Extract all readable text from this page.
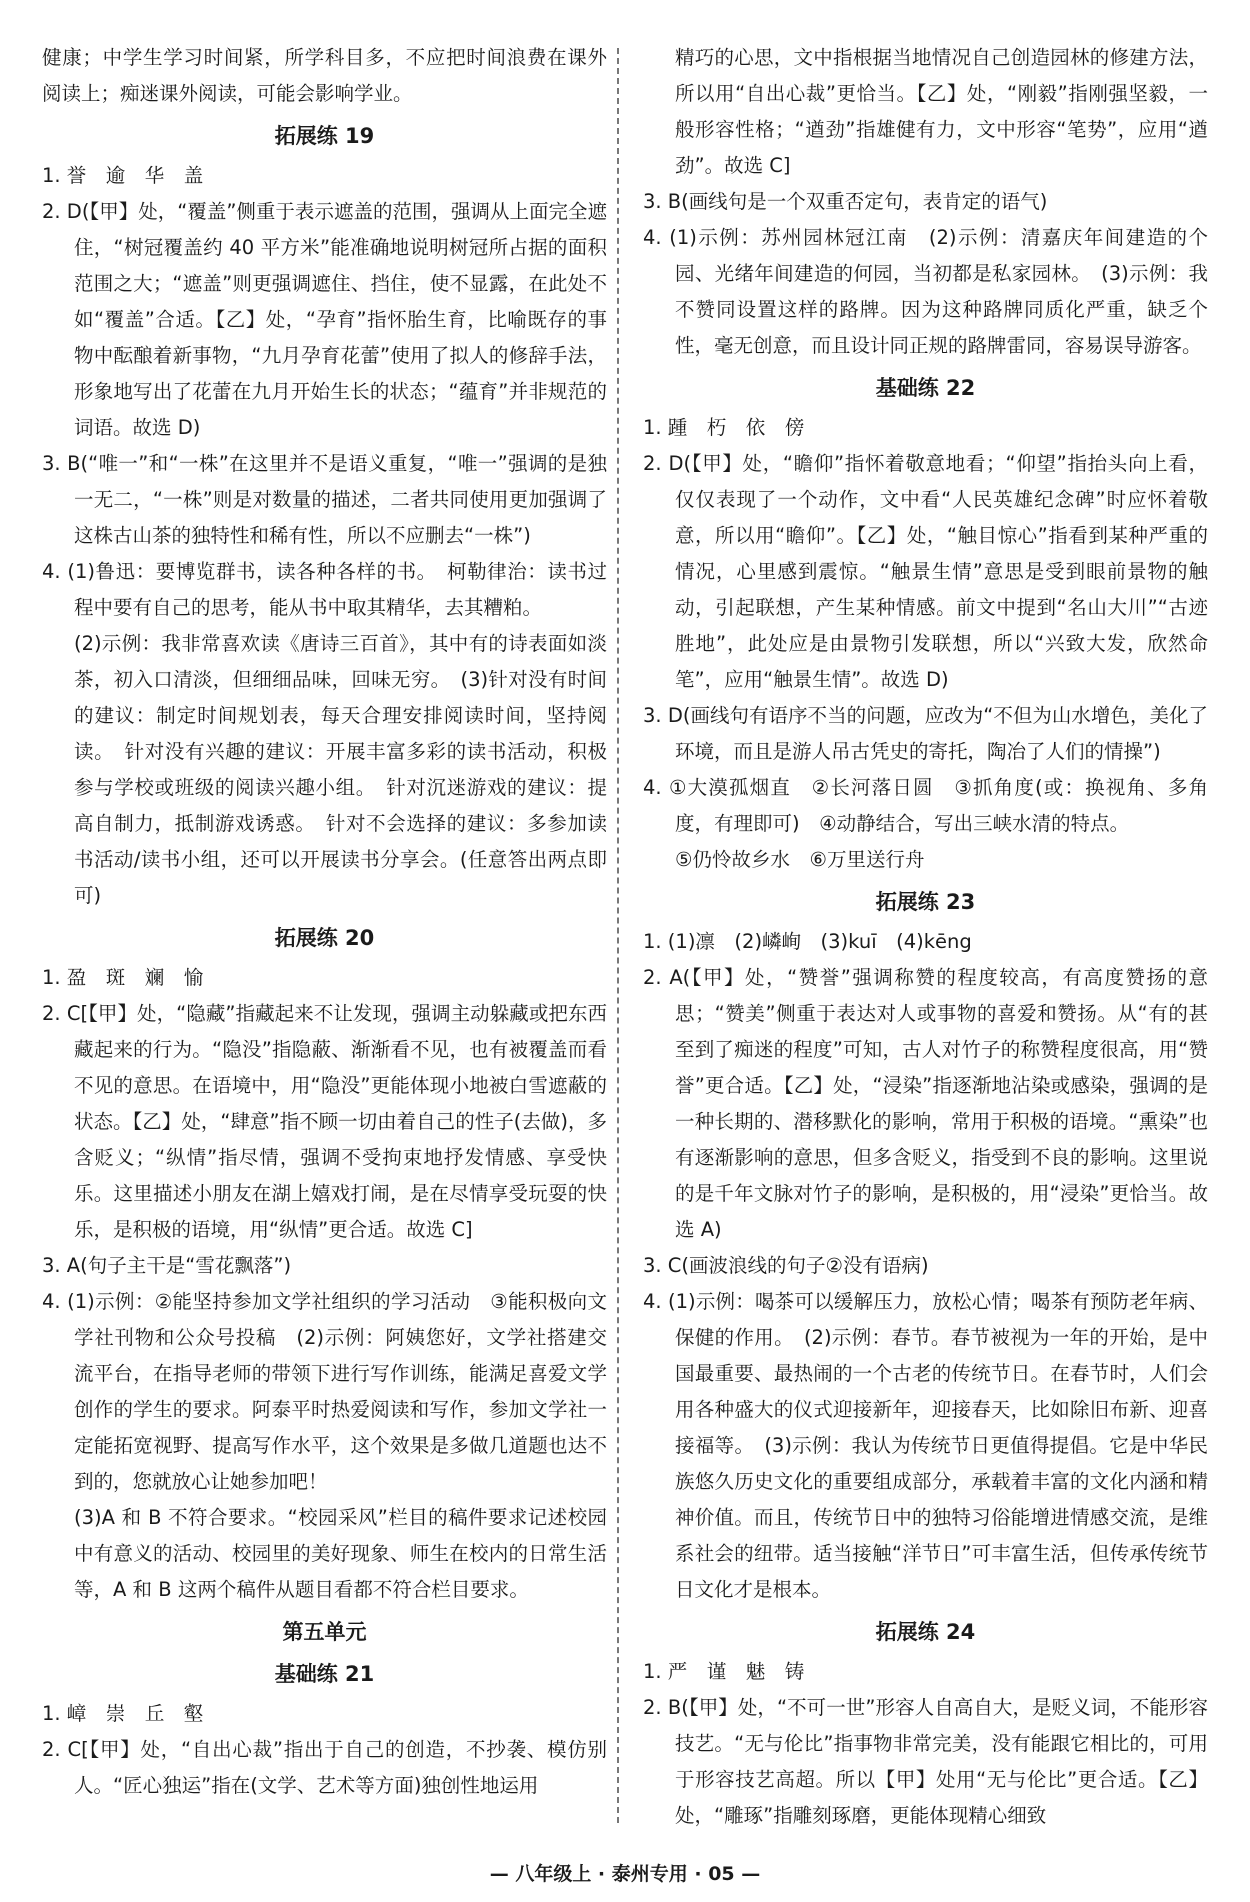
健康；中学生学习时间紧，所学科目多，不应把时间浪费在课外阅读上；痴迷课外阅读，可能会影响学业。

拓展练 19

1. 誉　逾　华　盖

2. D(【甲】处，“覆盖”侧重于表示遮盖的范围，强调从上面完全遮住，“树冠覆盖约 40 平方米”能准确地说明树冠所占据的面积范围之大；“遮盖”则更强调遮住、挡住，使不显露，在此处不如“覆盖”合适。【乙】处，“孕育”指怀胎生育，比喻既存的事物中酝酿着新事物，“九月孕育花蕾”使用了拟人的修辞手法，形象地写出了花蕾在九月开始生长的状态；“蕴育”并非规范的词语。故选 D)

3. B(“唯一”和“一株”在这里并不是语义重复，“唯一”强调的是独一无二，“一株”则是对数量的描述，二者共同使用更加强调了这株古山茶的独特性和稀有性，所以不应删去“一株”)

4. (1)鲁迅：要博览群书，读各种各样的书。　柯勒律治：读书过程中要有自己的思考，能从书中取其精华，去其糟粕。

(2)示例：我非常喜欢读《唐诗三百首》，其中有的诗表面如淡茶，初入口清淡，但细细品味，回味无穷。　(3)针对没有时间的建议：制定时间规划表，每天合理安排阅读时间，坚持阅读。　针对没有兴趣的建议：开展丰富多彩的读书活动，积极参与学校或班级的阅读兴趣小组。　针对沉迷游戏的建议：提高自制力，抵制游戏诱惑。　针对不会选择的建议：多参加读书活动/读书小组，还可以开展读书分享会。(任意答出两点即可)

拓展练 20

1. 盈　斑　斓　愉

2. C[【甲】处，“隐藏”指藏起来不让发现，强调主动躲藏或把东西藏起来的行为。“隐没”指隐蔽、渐渐看不见，也有被覆盖而看不见的意思。在语境中，用“隐没”更能体现小地被白雪遮蔽的状态。【乙】处，“肆意”指不顾一切由着自己的性子(去做)，多含贬义；“纵情”指尽情，强调不受拘束地抒发情感、享受快乐。这里描述小朋友在湖上嬉戏打闹，是在尽情享受玩耍的快乐，是积极的语境，用“纵情”更合适。故选 C]

3. A(句子主干是“雪花飘落”)

4. (1)示例：②能坚持参加文学社组织的学习活动　③能积极向文学社刊物和公众号投稿　(2)示例：阿姨您好，文学社搭建交流平台，在指导老师的带领下进行写作训练，能满足喜爱文学创作的学生的要求。阿泰平时热爱阅读和写作，参加文学社一定能拓宽视野、提高写作水平，这个效果是多做几道题也达不到的，您就放心让她参加吧！

(3)A 和 B 不符合要求。“校园采风”栏目的稿件要求记述校园中有意义的活动、校园里的美好现象、师生在校内的日常生活等，A 和 B 这两个稿件从题目看都不符合栏目要求。

第五单元

基础练 21

1. 嶂　崇　丘　壑

2. C[【甲】处，“自出心裁”指出于自己的创造，不抄袭、模仿别人。“匠心独运”指在(文学、艺术等方面)独创性地运用

精巧的心思，文中指根据当地情况自己创造园林的修建方法，所以用“自出心裁”更恰当。【乙】处，“刚毅”指刚强坚毅，一般形容性格；“遒劲”指雄健有力，文中形容“笔势”，应用“遒劲”。故选 C]

3. B(画线句是一个双重否定句，表肯定的语气)

4. (1)示例：苏州园林冠江南　(2)示例：清嘉庆年间建造的个园、光绪年间建造的何园，当初都是私家园林。　(3)示例：我不赞同设置这样的路牌。因为这种路牌同质化严重，缺乏个性，毫无创意，而且设计同正规的路牌雷同，容易误导游客。

基础练 22

1. 踵　朽　依　傍

2. D(【甲】处，“瞻仰”指怀着敬意地看；“仰望”指抬头向上看，仅仅表现了一个动作，文中看“人民英雄纪念碑”时应怀着敬意，所以用“瞻仰”。【乙】处，“触目惊心”指看到某种严重的情况，心里感到震惊。“触景生情”意思是受到眼前景物的触动，引起联想，产生某种情感。前文中提到“名山大川”“古迹胜地”，此处应是由景物引发联想，所以“兴致大发，欣然命笔”，应用“触景生情”。故选 D)

3. D(画线句有语序不当的问题，应改为“不但为山水增色，美化了环境，而且是游人吊古凭史的寄托，陶冶了人们的情操”)

4. ①大漠孤烟直　②长河落日圆　③抓角度(或：换视角、多角度，有理即可)　④动静结合，写出三峡水清的特点。

⑤仍怜故乡水　⑥万里送行舟

拓展练 23

1. (1)凛　(2)嶙峋　(3)kuī　(4)kēng

2. A(【甲】处，“赞誉”强调称赞的程度较高，有高度赞扬的意思；“赞美”侧重于表达对人或事物的喜爱和赞扬。从“有的甚至到了痴迷的程度”可知，古人对竹子的称赞程度很高，用“赞誉”更合适。【乙】处，“浸染”指逐渐地沾染或感染，强调的是一种长期的、潜移默化的影响，常用于积极的语境。“熏染”也有逐渐影响的意思，但多含贬义，指受到不良的影响。这里说的是千年文脉对竹子的影响，是积极的，用“浸染”更恰当。故选 A)

3. C(画波浪线的句子②没有语病)

4. (1)示例：喝茶可以缓解压力，放松心情；喝茶有预防老年病、保健的作用。　(2)示例：春节。春节被视为一年的开始，是中国最重要、最热闹的一个古老的传统节日。在春节时，人们会用各种盛大的仪式迎接新年，迎接春天，比如除旧布新、迎喜接福等。　(3)示例：我认为传统节日更值得提倡。它是中华民族悠久历史文化的重要组成部分，承载着丰富的文化内涵和精神价值。而且，传统节日中的独特习俗能增进情感交流，是维系社会的纽带。适当接触“洋节日”可丰富生活，但传承传统节日文化才是根本。

拓展练 24

1. 严　谨　魅　铸

2. B(【甲】处，“不可一世”形容人自高自大，是贬义词，不能形容技艺。“无与伦比”指事物非常完美，没有能跟它相比的，可用于形容技艺高超。所以【甲】处用“无与伦比”更合适。【乙】处，“雕琢”指雕刻琢磨，更能体现精心细致

— 八年级上 · 泰州专用 · 05 —
